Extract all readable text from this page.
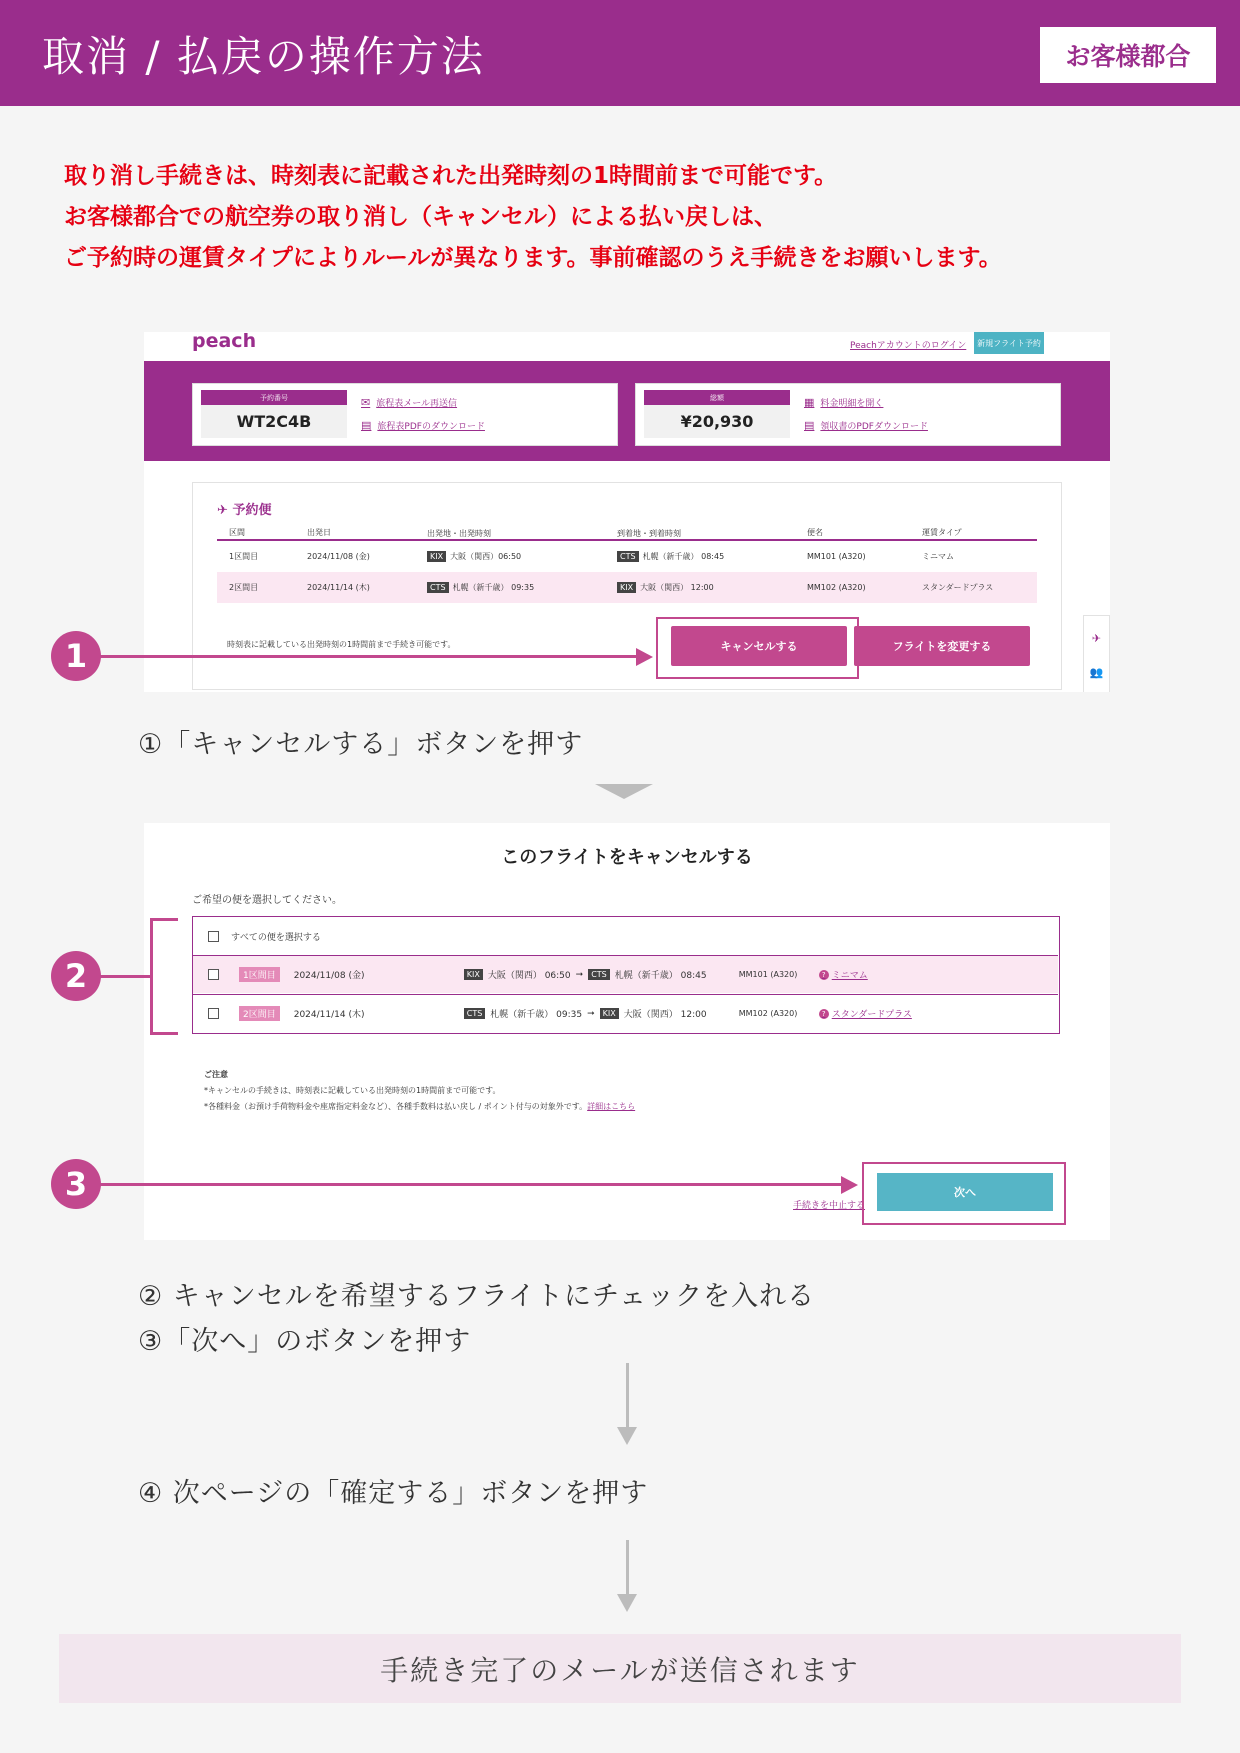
取消 / 払戻の操作方法	お客様都合
取り消し手続きは、時刻表に記載された出発時刻の1時間前まで可能です。
お客様都合での航空券の取り消し（キャンセル）による払い戻しは、
ご予約時の運賃タイプによりルールが異なります。事前確認のうえ手続きをお願いします。
peach	Peachアカウントのログイン	新規フライト予約
予約番号
WT2C4B
✉ 旅程表メール再送信
▤ 旅程表PDFのダウンロード
総額
¥20,930
▦ 料金明細を開く
▤ 領収書のPDFダウンロード
✈ 予約便
区間	出発日	出発地・出発時刻	到着地・到着時刻	便名	運賃タイプ
1区間目	2024/11/08 (金)	KIX 大阪（関西）06:50	CTS 札幌（新千歳） 08:45	MM101 (A320)	ミニマム
2区間目	2024/11/14 (木)	CTS 札幌（新千歳） 09:35	KIX 大阪（関西） 12:00	MM102 (A320)	スタンダードプラス
時刻表に記載している出発時刻の1時間前まで手続き可能です。	キャンセルする	フライトを変更する
✈
👥
1
①「キャンセルする」ボタンを押す
このフライトをキャンセルする
ご希望の便を選択してください。
すべての便を選択する
1区間目	2024/11/08 (金)	KIX 大阪（関西） 06:50 ➞	CTS 札幌（新千歳） 08:45	MM101 (A320)	? ミニマム
2区間目	2024/11/14 (木)	CTS 札幌（新千歳） 09:35 ➞	KIX 大阪（関西） 12:00	MM102 (A320)	? スタンダードプラス
ご注意
*キャンセルの手続きは、時刻表に記載している出発時刻の1時間前まで可能です。
*各種料金（お預け手荷物料金や座席指定料金など）、各種手数料は払い戻し / ポイント付与の対象外です。詳細はこちら
手続きを中止する
次へ
2
3
② キャンセルを希望するフライトにチェックを入れる
③「次へ」のボタンを押す
④ 次ページの「確定する」ボタンを押す
手続き完了のメールが送信されます
